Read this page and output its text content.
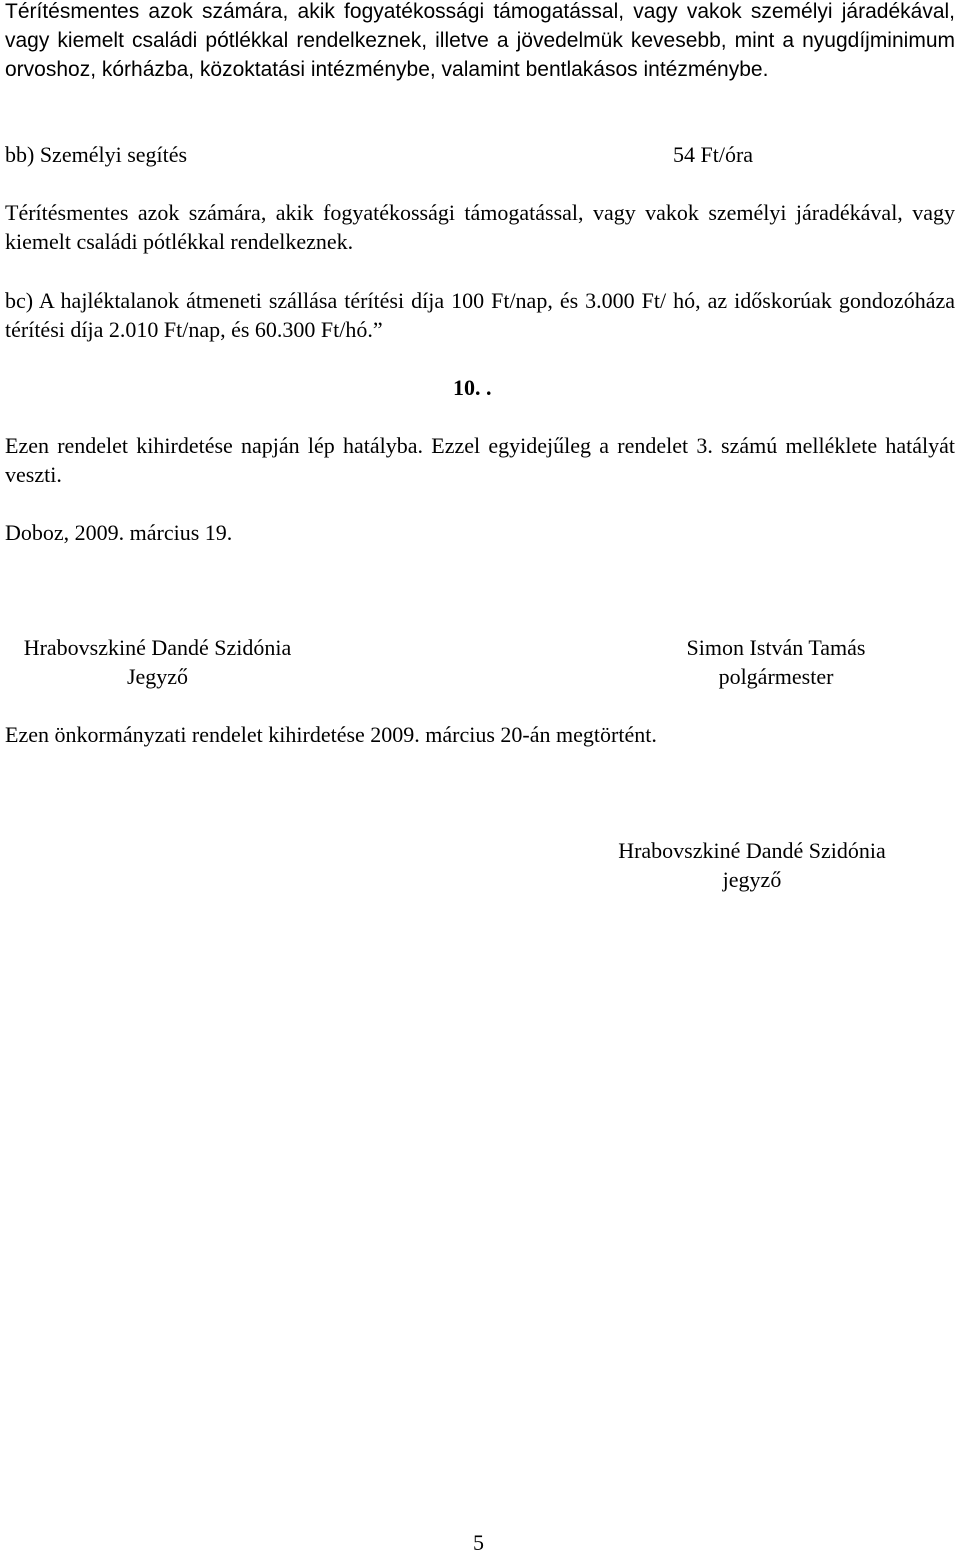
Térítésmentes azok számára, akik fogyatékossági támogatással, vagy vakok személyi járadékával, vagy kiemelt családi pótlékkal rendelkeznek, illetve a jövedelmük kevesebb, mint a nyugdíjminimum orvoshoz, kórházba, közoktatási intézménybe, valamint bentlakásos intézménybe.

bb) Személyi segítés	54 Ft/óra

Térítésmentes azok számára, akik fogyatékossági támogatással, vagy vakok személyi járadékával, vagy kiemelt családi pótlékkal rendelkeznek.

bc) A hajléktalanok átmeneti szállása térítési díja 100 Ft/nap, és 3.000 Ft/ hó, az időskorúak gondozóháza térítési díja 2.010 Ft/nap, és 60.300 Ft/hó.”

10. .

Ezen rendelet kihirdetése napján lép hatályba. Ezzel egyidejűleg a rendelet 3. számú melléklete hatályát veszti.

Doboz, 2009. március 19.
Hrabovszkiné Dandé Szidónia
Jegyző
Simon István Tamás
polgármester
Ezen önkormányzati rendelet kihirdetése 2009. március 20-án megtörtént.
Hrabovszkiné Dandé Szidónia
jegyző
5
